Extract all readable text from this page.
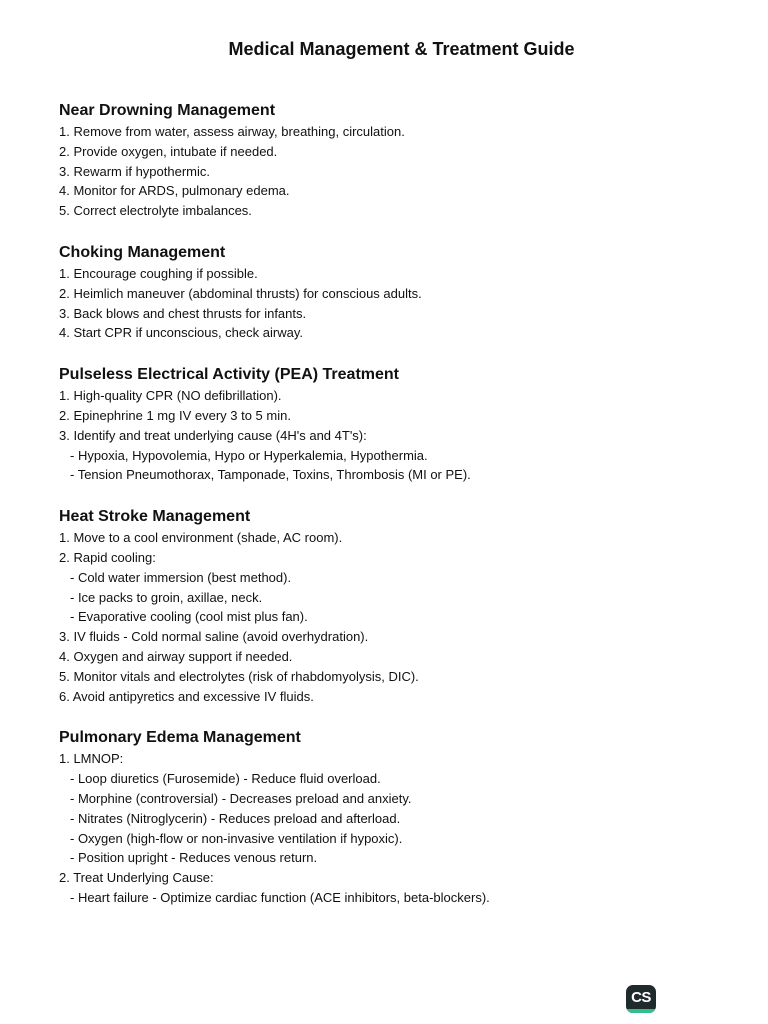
Medical Management & Treatment Guide
Near Drowning Management
1. Remove from water, assess airway, breathing, circulation.
2. Provide oxygen, intubate if needed.
3. Rewarm if hypothermic.
4. Monitor for ARDS, pulmonary edema.
5. Correct electrolyte imbalances.
Choking Management
1. Encourage coughing if possible.
2. Heimlich maneuver (abdominal thrusts) for conscious adults.
3. Back blows and chest thrusts for infants.
4. Start CPR if unconscious, check airway.
Pulseless Electrical Activity (PEA) Treatment
1. High-quality CPR (NO defibrillation).
2. Epinephrine 1 mg IV every 3 to 5 min.
3. Identify and treat underlying cause (4H's and 4T's):
- Hypoxia, Hypovolemia, Hypo or Hyperkalemia, Hypothermia.
- Tension Pneumothorax, Tamponade, Toxins, Thrombosis (MI or PE).
Heat Stroke Management
1. Move to a cool environment (shade, AC room).
2. Rapid cooling:
- Cold water immersion (best method).
- Ice packs to groin, axillae, neck.
- Evaporative cooling (cool mist plus fan).
3. IV fluids - Cold normal saline (avoid overhydration).
4. Oxygen and airway support if needed.
5. Monitor vitals and electrolytes (risk of rhabdomyolysis, DIC).
6. Avoid antipyretics and excessive IV fluids.
Pulmonary Edema Management
1. LMNOP:
- Loop diuretics (Furosemide) - Reduce fluid overload.
- Morphine (controversial) - Decreases preload and anxiety.
- Nitrates (Nitroglycerin) - Reduces preload and afterload.
- Oxygen (high-flow or non-invasive ventilation if hypoxic).
- Position upright - Reduces venous return.
2. Treat Underlying Cause:
- Heart failure - Optimize cardiac function (ACE inhibitors, beta-blockers).
CS
